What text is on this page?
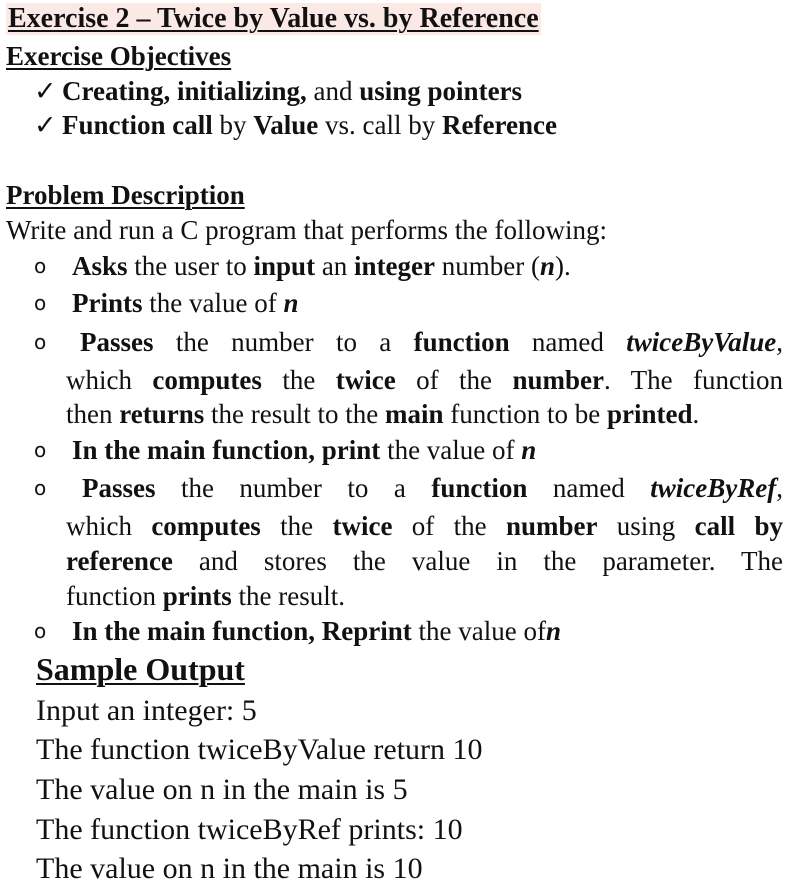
Exercise 2 – Twice by Value vs. by Reference
Exercise Objectives
✓ Creating, initializing, and using pointers
✓ Function call by Value vs. call by Reference
Problem Description
Write and run a C program that performs the following:
o Asks the user to input an integer number (n).
o Prints the value of n
o	Passes the number to a function named twiceByValue,
which computes the twice of the number. The function
then returns the result to the main function to be printed.
o In the main function, print the value of n
o	Passes the number to a function named twiceByRef,
which computes the twice of the number using call by
reference and stores the value in the parameter. The
function prints the result.
o In the main function, Reprint the value ofn
Sample Output
Input an integer: 5
The function twiceByValue return 10
The value on n in the main is 5
The function twiceByRef prints: 10
The value on n in the main is 10
